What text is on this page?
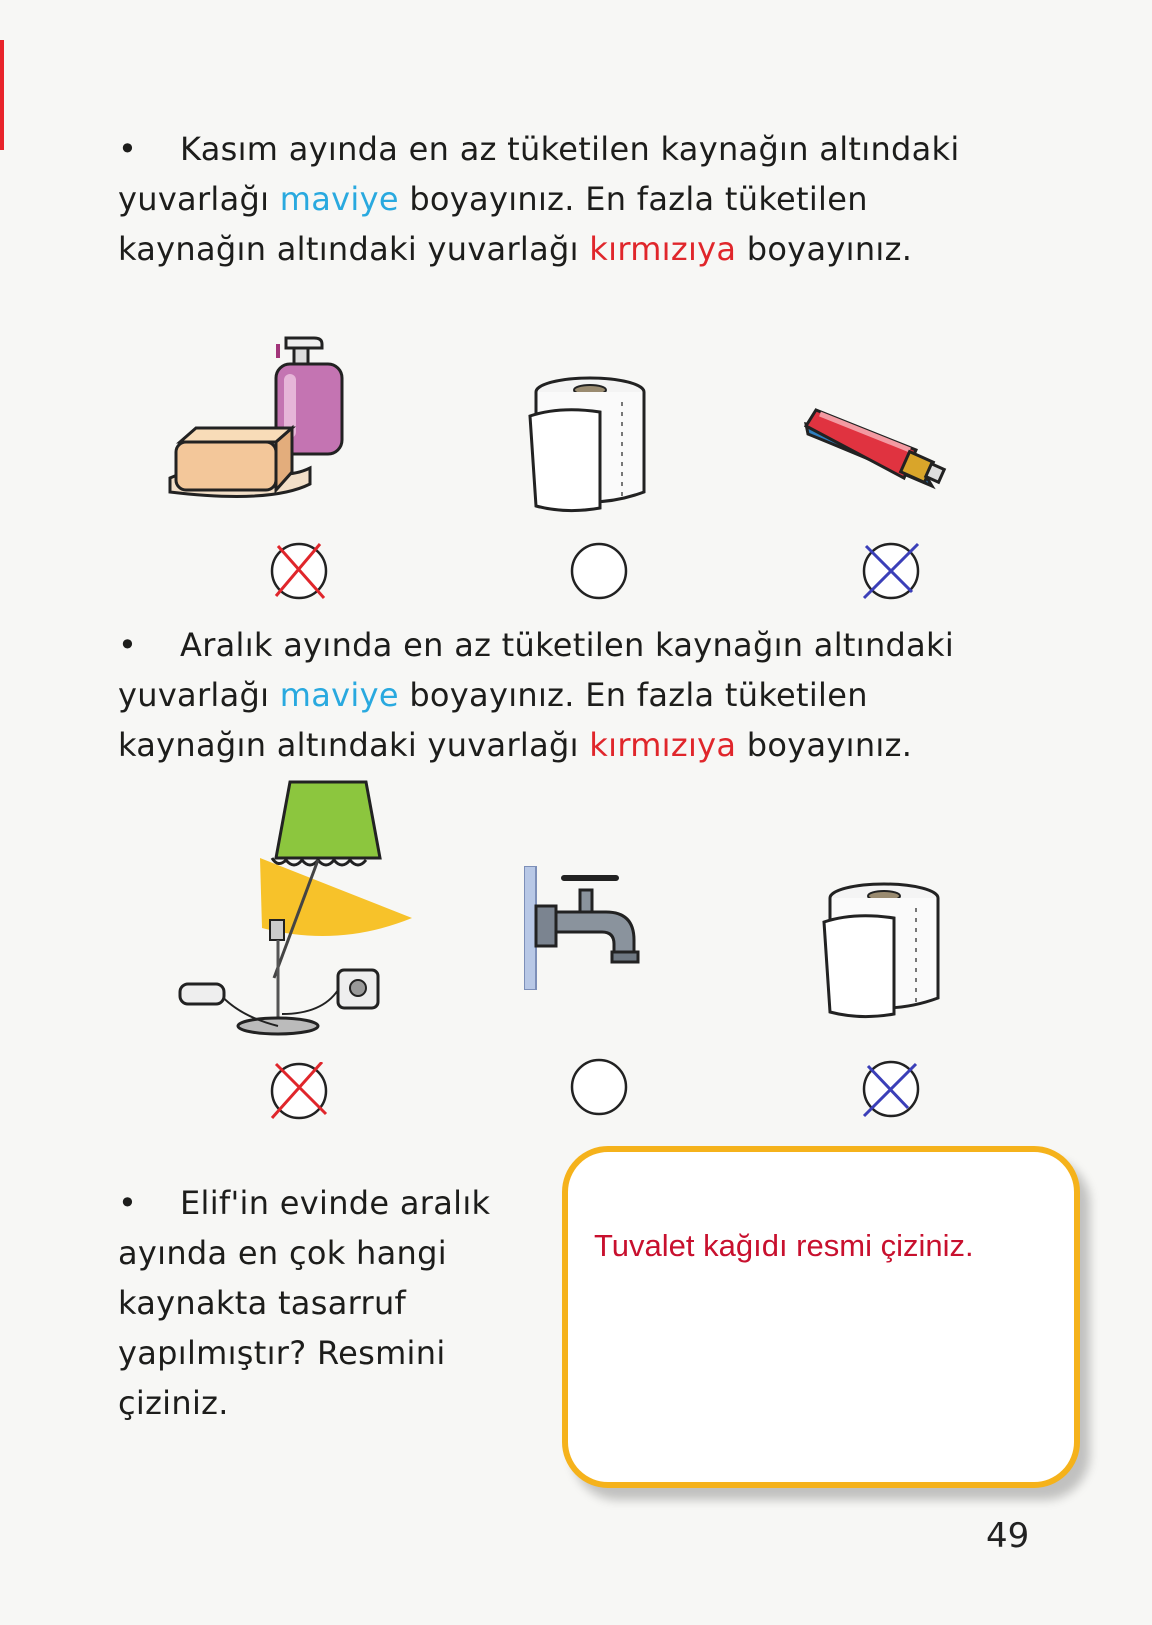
• Kasım ayında en az tüketilen kaynağın altındaki yuvarlağı maviye boyayınız. En fazla tüketilen kaynağın altındaki yuvarlağı kırmızıya boyayınız.
• Aralık ayında en az tüketilen kaynağın altındaki yuvarlağı maviye boyayınız. En fazla tüketilen kaynağın altındaki yuvarlağı kırmızıya boyayınız.
• Elif'in evinde aralık ayında en çok hangi kaynakta tasarruf yapılmıştır? Resmini çiziniz.
Tuvalet kağıdı resmi çiziniz.
49
